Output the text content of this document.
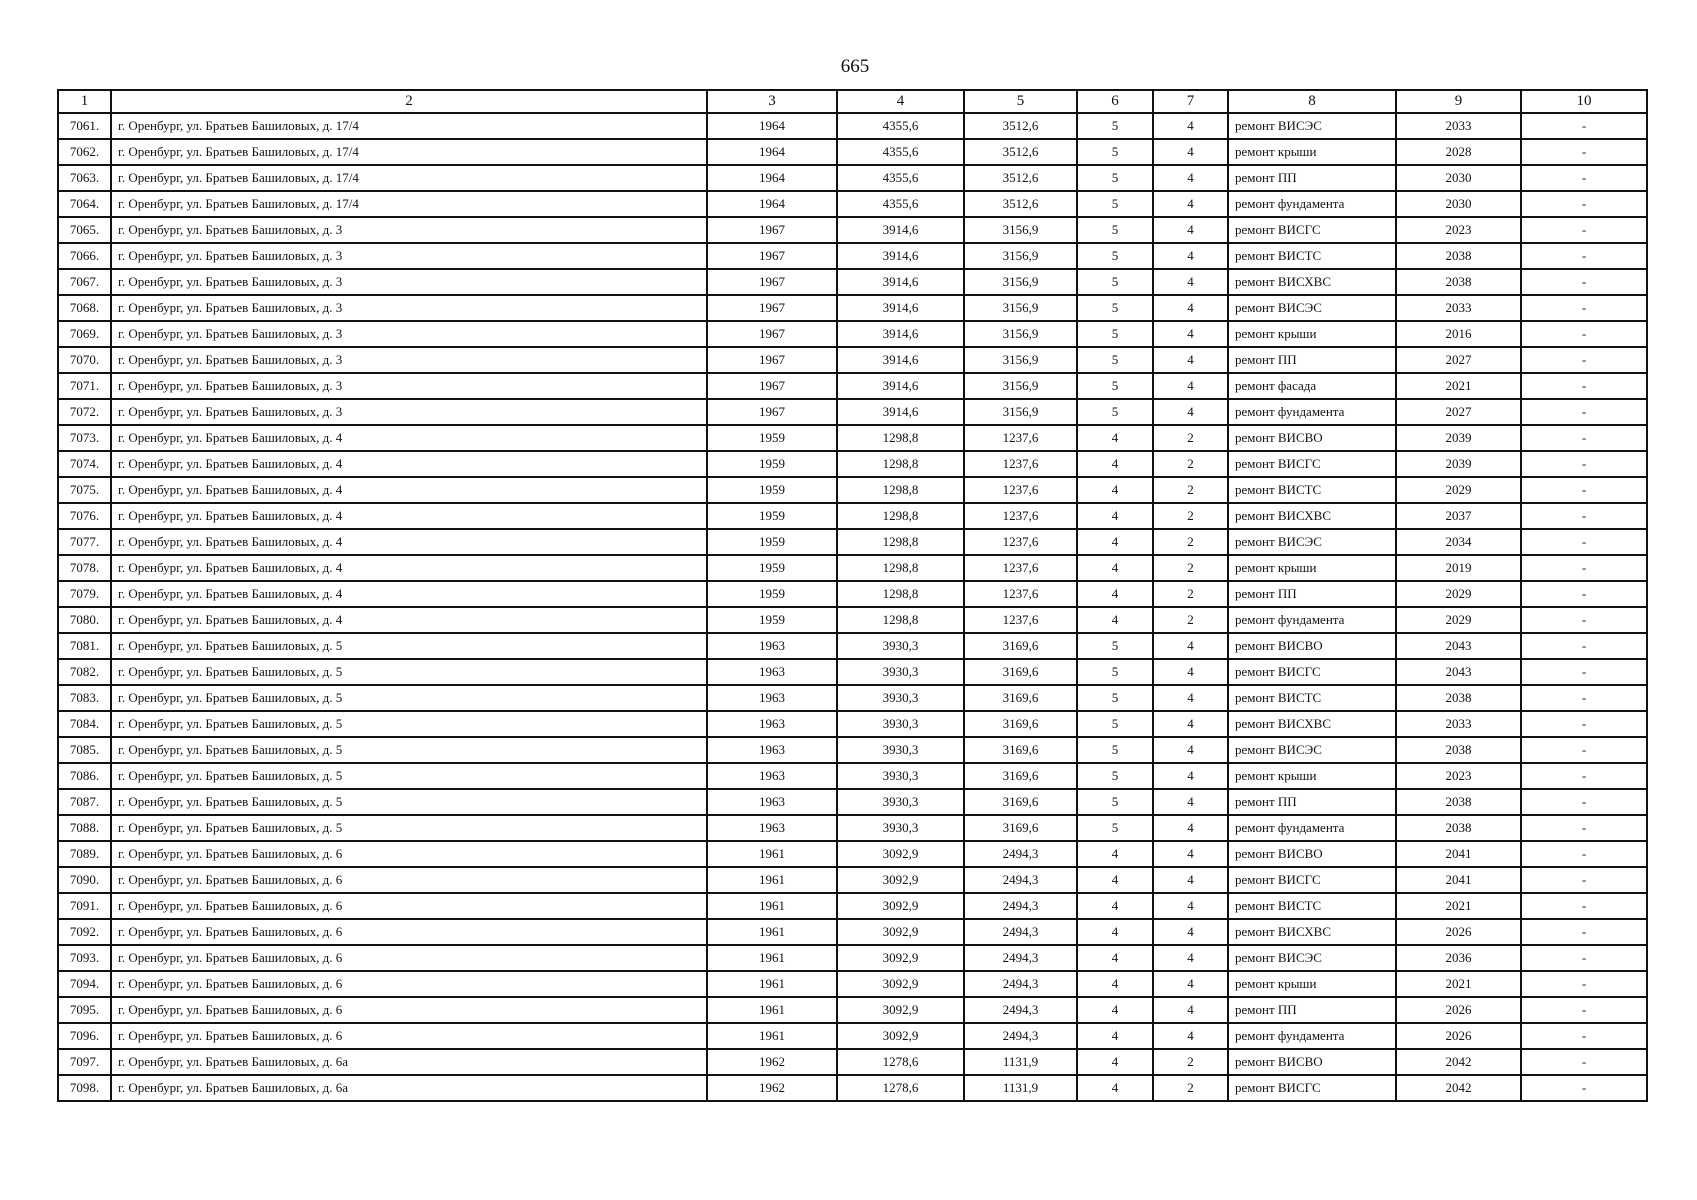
665
1	2	3	4	5	6	7	8	9	10
7061.	г. Оренбург, ул. Братьев Башиловых, д. 17/4	1964	4355,6	3512,6	5	4	ремонт ВИСЭС	2033	-
7062.	г. Оренбург, ул. Братьев Башиловых, д. 17/4	1964	4355,6	3512,6	5	4	ремонт крыши	2028	-
7063.	г. Оренбург, ул. Братьев Башиловых, д. 17/4	1964	4355,6	3512,6	5	4	ремонт ПП	2030	-
7064.	г. Оренбург, ул. Братьев Башиловых, д. 17/4	1964	4355,6	3512,6	5	4	ремонт фундамента	2030	-
7065.	г. Оренбург, ул. Братьев Башиловых, д. 3	1967	3914,6	3156,9	5	4	ремонт ВИСГС	2023	-
7066.	г. Оренбург, ул. Братьев Башиловых, д. 3	1967	3914,6	3156,9	5	4	ремонт ВИСТС	2038	-
7067.	г. Оренбург, ул. Братьев Башиловых, д. 3	1967	3914,6	3156,9	5	4	ремонт ВИСХВС	2038	-
7068.	г. Оренбург, ул. Братьев Башиловых, д. 3	1967	3914,6	3156,9	5	4	ремонт ВИСЭС	2033	-
7069.	г. Оренбург, ул. Братьев Башиловых, д. 3	1967	3914,6	3156,9	5	4	ремонт крыши	2016	-
7070.	г. Оренбург, ул. Братьев Башиловых, д. 3	1967	3914,6	3156,9	5	4	ремонт ПП	2027	-
7071.	г. Оренбург, ул. Братьев Башиловых, д. 3	1967	3914,6	3156,9	5	4	ремонт фасада	2021	-
7072.	г. Оренбург, ул. Братьев Башиловых, д. 3	1967	3914,6	3156,9	5	4	ремонт фундамента	2027	-
7073.	г. Оренбург, ул. Братьев Башиловых, д. 4	1959	1298,8	1237,6	4	2	ремонт ВИСВО	2039	-
7074.	г. Оренбург, ул. Братьев Башиловых, д. 4	1959	1298,8	1237,6	4	2	ремонт ВИСГС	2039	-
7075.	г. Оренбург, ул. Братьев Башиловых, д. 4	1959	1298,8	1237,6	4	2	ремонт ВИСТС	2029	-
7076.	г. Оренбург, ул. Братьев Башиловых, д. 4	1959	1298,8	1237,6	4	2	ремонт ВИСХВС	2037	-
7077.	г. Оренбург, ул. Братьев Башиловых, д. 4	1959	1298,8	1237,6	4	2	ремонт ВИСЭС	2034	-
7078.	г. Оренбург, ул. Братьев Башиловых, д. 4	1959	1298,8	1237,6	4	2	ремонт крыши	2019	-
7079.	г. Оренбург, ул. Братьев Башиловых, д. 4	1959	1298,8	1237,6	4	2	ремонт ПП	2029	-
7080.	г. Оренбург, ул. Братьев Башиловых, д. 4	1959	1298,8	1237,6	4	2	ремонт фундамента	2029	-
7081.	г. Оренбург, ул. Братьев Башиловых, д. 5	1963	3930,3	3169,6	5	4	ремонт ВИСВО	2043	-
7082.	г. Оренбург, ул. Братьев Башиловых, д. 5	1963	3930,3	3169,6	5	4	ремонт ВИСГС	2043	-
7083.	г. Оренбург, ул. Братьев Башиловых, д. 5	1963	3930,3	3169,6	5	4	ремонт ВИСТС	2038	-
7084.	г. Оренбург, ул. Братьев Башиловых, д. 5	1963	3930,3	3169,6	5	4	ремонт ВИСХВС	2033	-
7085.	г. Оренбург, ул. Братьев Башиловых, д. 5	1963	3930,3	3169,6	5	4	ремонт ВИСЭС	2038	-
7086.	г. Оренбург, ул. Братьев Башиловых, д. 5	1963	3930,3	3169,6	5	4	ремонт крыши	2023	-
7087.	г. Оренбург, ул. Братьев Башиловых, д. 5	1963	3930,3	3169,6	5	4	ремонт ПП	2038	-
7088.	г. Оренбург, ул. Братьев Башиловых, д. 5	1963	3930,3	3169,6	5	4	ремонт фундамента	2038	-
7089.	г. Оренбург, ул. Братьев Башиловых, д. 6	1961	3092,9	2494,3	4	4	ремонт ВИСВО	2041	-
7090.	г. Оренбург, ул. Братьев Башиловых, д. 6	1961	3092,9	2494,3	4	4	ремонт ВИСГС	2041	-
7091.	г. Оренбург, ул. Братьев Башиловых, д. 6	1961	3092,9	2494,3	4	4	ремонт ВИСТС	2021	-
7092.	г. Оренбург, ул. Братьев Башиловых, д. 6	1961	3092,9	2494,3	4	4	ремонт ВИСХВС	2026	-
7093.	г. Оренбург, ул. Братьев Башиловых, д. 6	1961	3092,9	2494,3	4	4	ремонт ВИСЭС	2036	-
7094.	г. Оренбург, ул. Братьев Башиловых, д. 6	1961	3092,9	2494,3	4	4	ремонт крыши	2021	-
7095.	г. Оренбург, ул. Братьев Башиловых, д. 6	1961	3092,9	2494,3	4	4	ремонт ПП	2026	-
7096.	г. Оренбург, ул. Братьев Башиловых, д. 6	1961	3092,9	2494,3	4	4	ремонт фундамента	2026	-
7097.	г. Оренбург, ул. Братьев Башиловых, д. 6а	1962	1278,6	1131,9	4	2	ремонт ВИСВО	2042	-
7098.	г. Оренбург, ул. Братьев Башиловых, д. 6а	1962	1278,6	1131,9	4	2	ремонт ВИСГС	2042	-
